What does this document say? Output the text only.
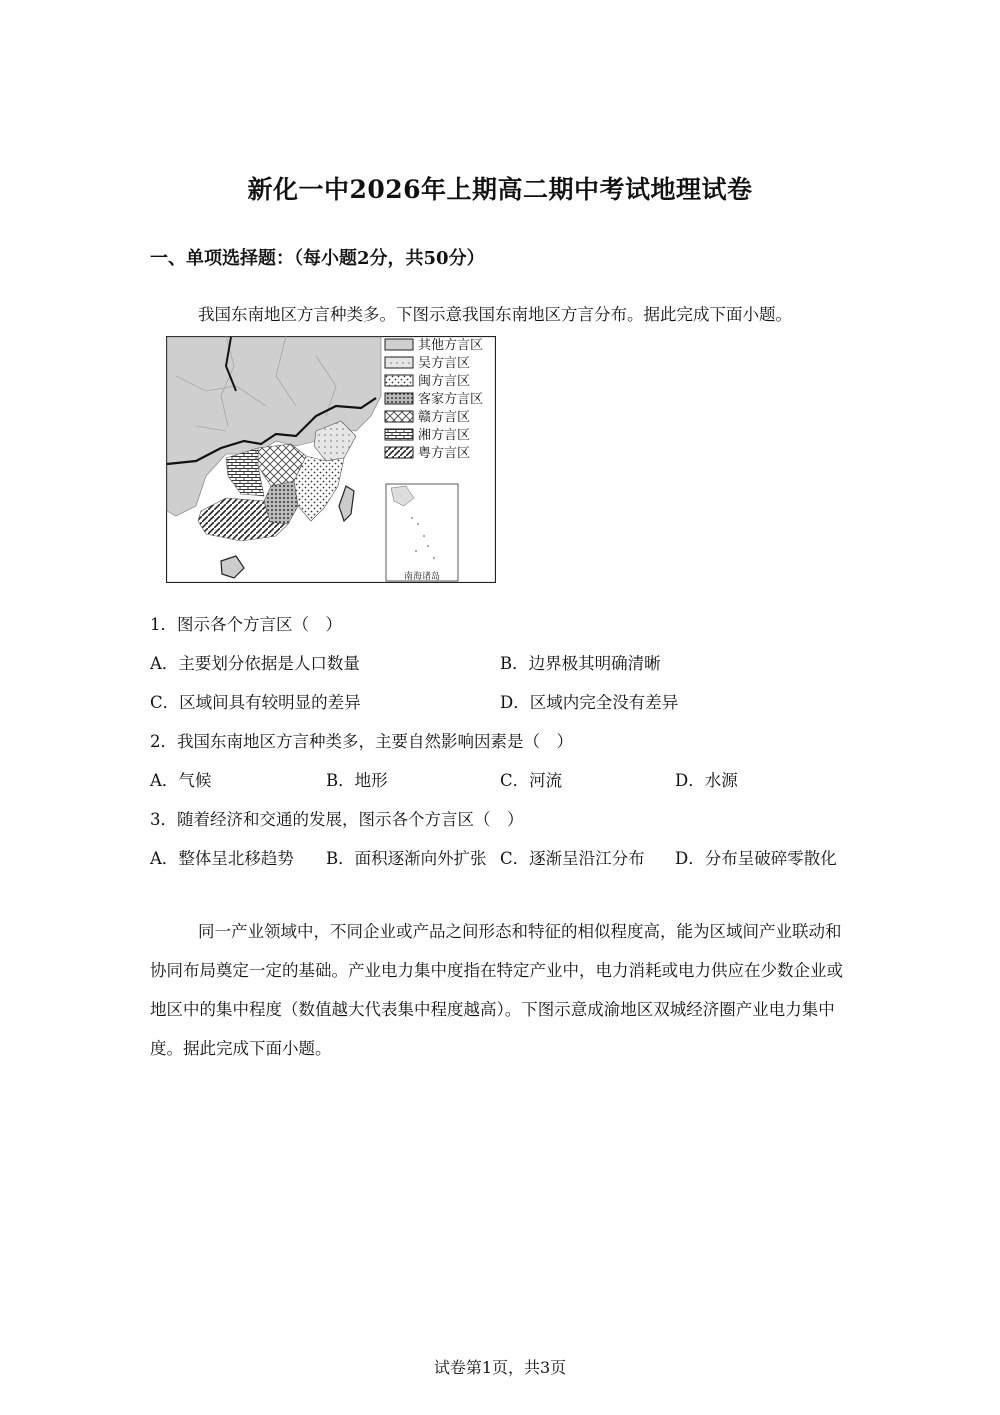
新化一中2026年上期高二期中考试地理试卷
一、单项选择题：（每小题2分，共50分）
我国东南地区方言种类多。下图示意我国东南地区方言分布。据此完成下面小题。
南海诸岛
其他方言区
吴方言区
闽方言区
客家方言区
赣方言区
湘方言区
粤方言区
1．图示各个方言区（　）
A．主要划分依据是人口数量	B．边界极其明确清晰
C．区域间具有较明显的差异	D．区域内完全没有差异
2．我国东南地区方言种类多，主要自然影响因素是（　）
A．气候	B．地形	C．河流	D．水源
3．随着经济和交通的发展，图示各个方言区（　）
A．整体呈北移趋势 B．面积逐渐向外扩张 C．逐渐呈沿江分布 D．分布呈破碎零散化
同一产业领域中，不同企业或产品之间形态和特征的相似程度高，能为区域间产业联动和协同布局奠定一定的基础。产业电力集中度指在特定产业中，电力消耗或电力供应在少数企业或地区中的集中程度（数值越大代表集中程度越高）。下图示意成渝地区双城经济圈产业电力集中度。据此完成下面小题。
试卷第1页，共3页
